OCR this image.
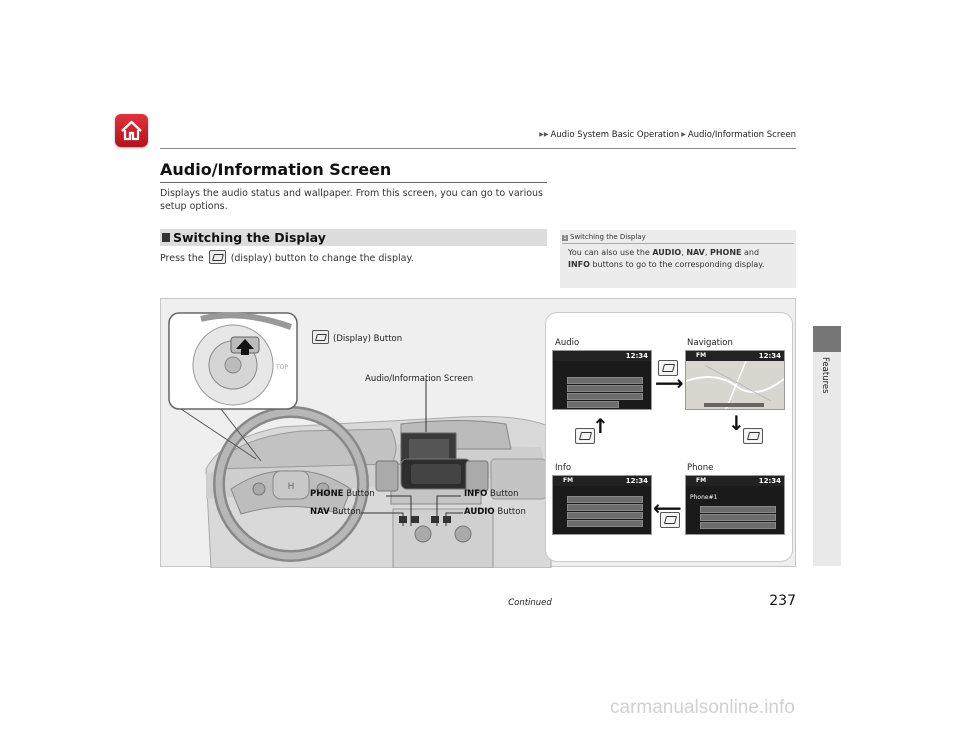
▶▶ Audio System Basic Operation ▶ Audio/Information Screen
Features
Audio/Information Screen
Displays the audio status and wallpaper. From this screen, you can go to various setup options.
Switching the Display
Press the	(display) button to change the display.
1 Switching the Display
You can also use the AUDIO, NAV, PHONE and
INFO buttons to go to the corresponding display.
H
TOP
(Display) Button
Audio/Information Screen
PHONE Button
NAV Button
INFO Button
AUDIO Button
Audio	Navigation
Info	Phone
12:34	FM	12:34
FM	12:34	FM	12:34
Phone#1
⟶
↓
↑
⟵
Continued	237
carmanualsonline.info
